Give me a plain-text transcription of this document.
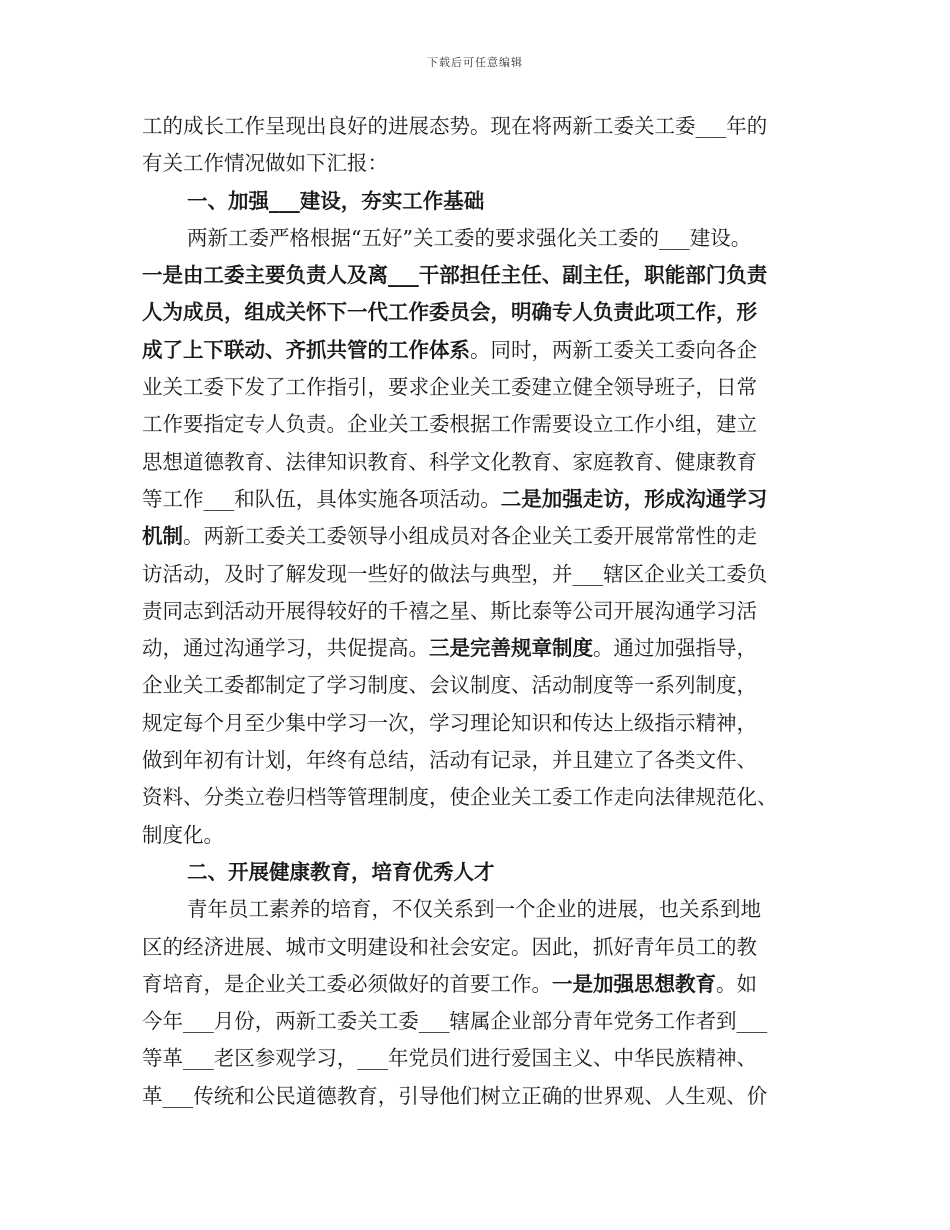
下载后可任意编辑
工的成长工作呈现出良好的进展态势。现在将两新工委关工委___年的
有关工作情况做如下汇报：
一、加强___建设，夯实工作基础
两新工委严格根据“五好”关工委的要求强化关工委的___建设。
一是由工委主要负责人及离___干部担任主任、副主任，职能部门负责
人为成员，组成关怀下一代工作委员会，明确专人负责此项工作，形
成了上下联动、齐抓共管的工作体系。同时，两新工委关工委向各企
业关工委下发了工作指引，要求企业关工委建立健全领导班子，日常
工作要指定专人负责。企业关工委根据工作需要设立工作小组，建立
思想道德教育、法律知识教育、科学文化教育、家庭教育、健康教育
等工作___和队伍，具体实施各项活动。二是加强走访，形成沟通学习
机制。两新工委关工委领导小组成员对各企业关工委开展常常性的走
访活动，及时了解发现一些好的做法与典型，并___辖区企业关工委负
责同志到活动开展得较好的千禧之星、斯比泰等公司开展沟通学习活
动，通过沟通学习，共促提高。三是完善规章制度。通过加强指导，
企业关工委都制定了学习制度、会议制度、活动制度等一系列制度，
规定每个月至少集中学习一次，学习理论知识和传达上级指示精神，
做到年初有计划，年终有总结，活动有记录，并且建立了各类文件、
资料、分类立卷归档等管理制度，使企业关工委工作走向法律规范化、
制度化。
二、开展健康教育，培育优秀人才
青年员工素养的培育，不仅关系到一个企业的进展，也关系到地
区的经济进展、城市文明建设和社会安定。因此，抓好青年员工的教
育培育，是企业关工委必须做好的首要工作。一是加强思想教育。如
今年___月份，两新工委关工委___辖属企业部分青年党务工作者到___
等革___老区参观学习，___年党员们进行爱国主义、中华民族精神、
革___传统和公民道德教育，引导他们树立正确的世界观、人生观、价
